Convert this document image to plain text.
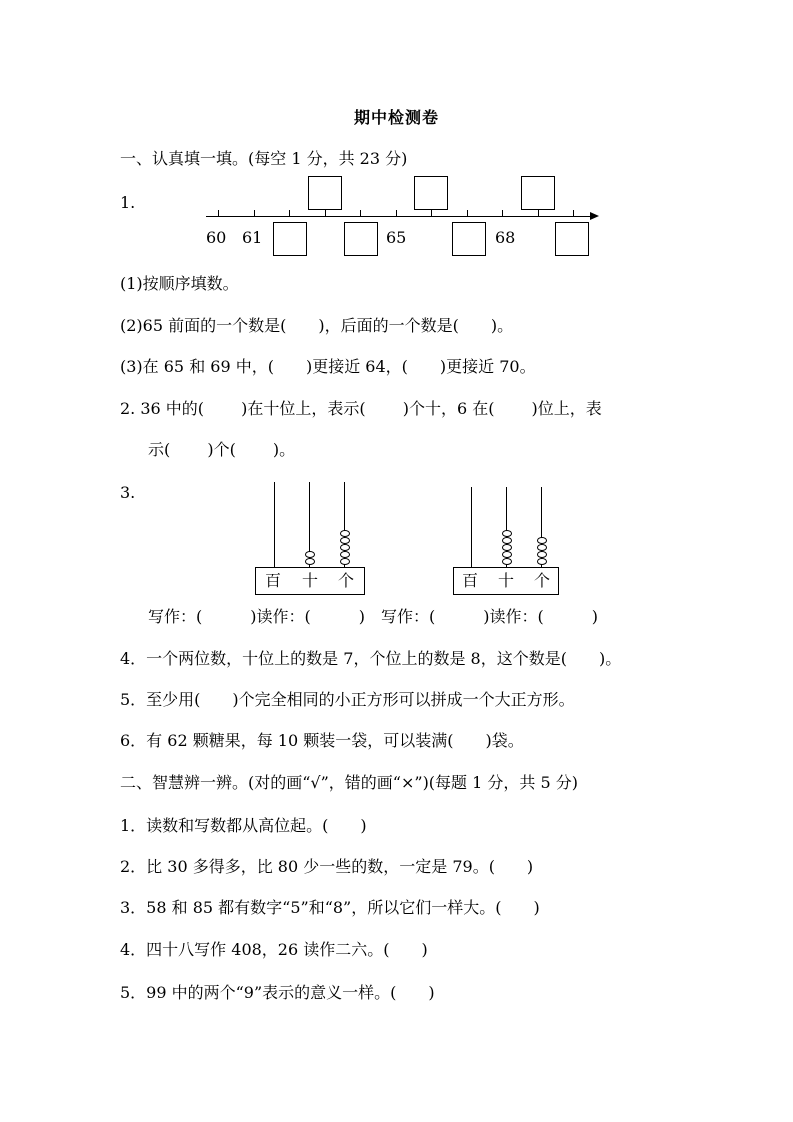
期中检测卷
一、认真填一填。(每空 1 分，共 23 分)
1.
60 61	65	68
(1)按顺序填数。
(2)65 前面的一个数是(　　)，后面的一个数是(　　)。
(3)在 65 和 69 中，(　　)更接近 64，(　　)更接近 70。
2. 36 中的(　　 )在十位上，表示(　　 )个十，6 在(　　 )位上，表
示(　　 )个(　　 )。
3.
百 十 个	百 十 个
写作：(　　　)读作：(　　　)　写作：(　　　)读作：(　　　)
4．一个两位数，十位上的数是 7，个位上的数是 8，这个数是(　　)。
5．至少用(　　)个完全相同的小正方形可以拼成一个大正方形。
6．有 62 颗糖果，每 10 颗装一袋，可以装满(　　)袋。
二、智慧辨一辨。(对的画“√”，错的画“×”)(每题 1 分，共 5 分)
1．读数和写数都从高位起。(　　)
2．比 30 多得多，比 80 少一些的数，一定是 79。(　　)
3．58 和 85 都有数字“5”和“8”，所以它们一样大。(　　)
4．四十八写作 408，26 读作二六。(　　)
5．99 中的两个“9”表示的意义一样。(　　)
